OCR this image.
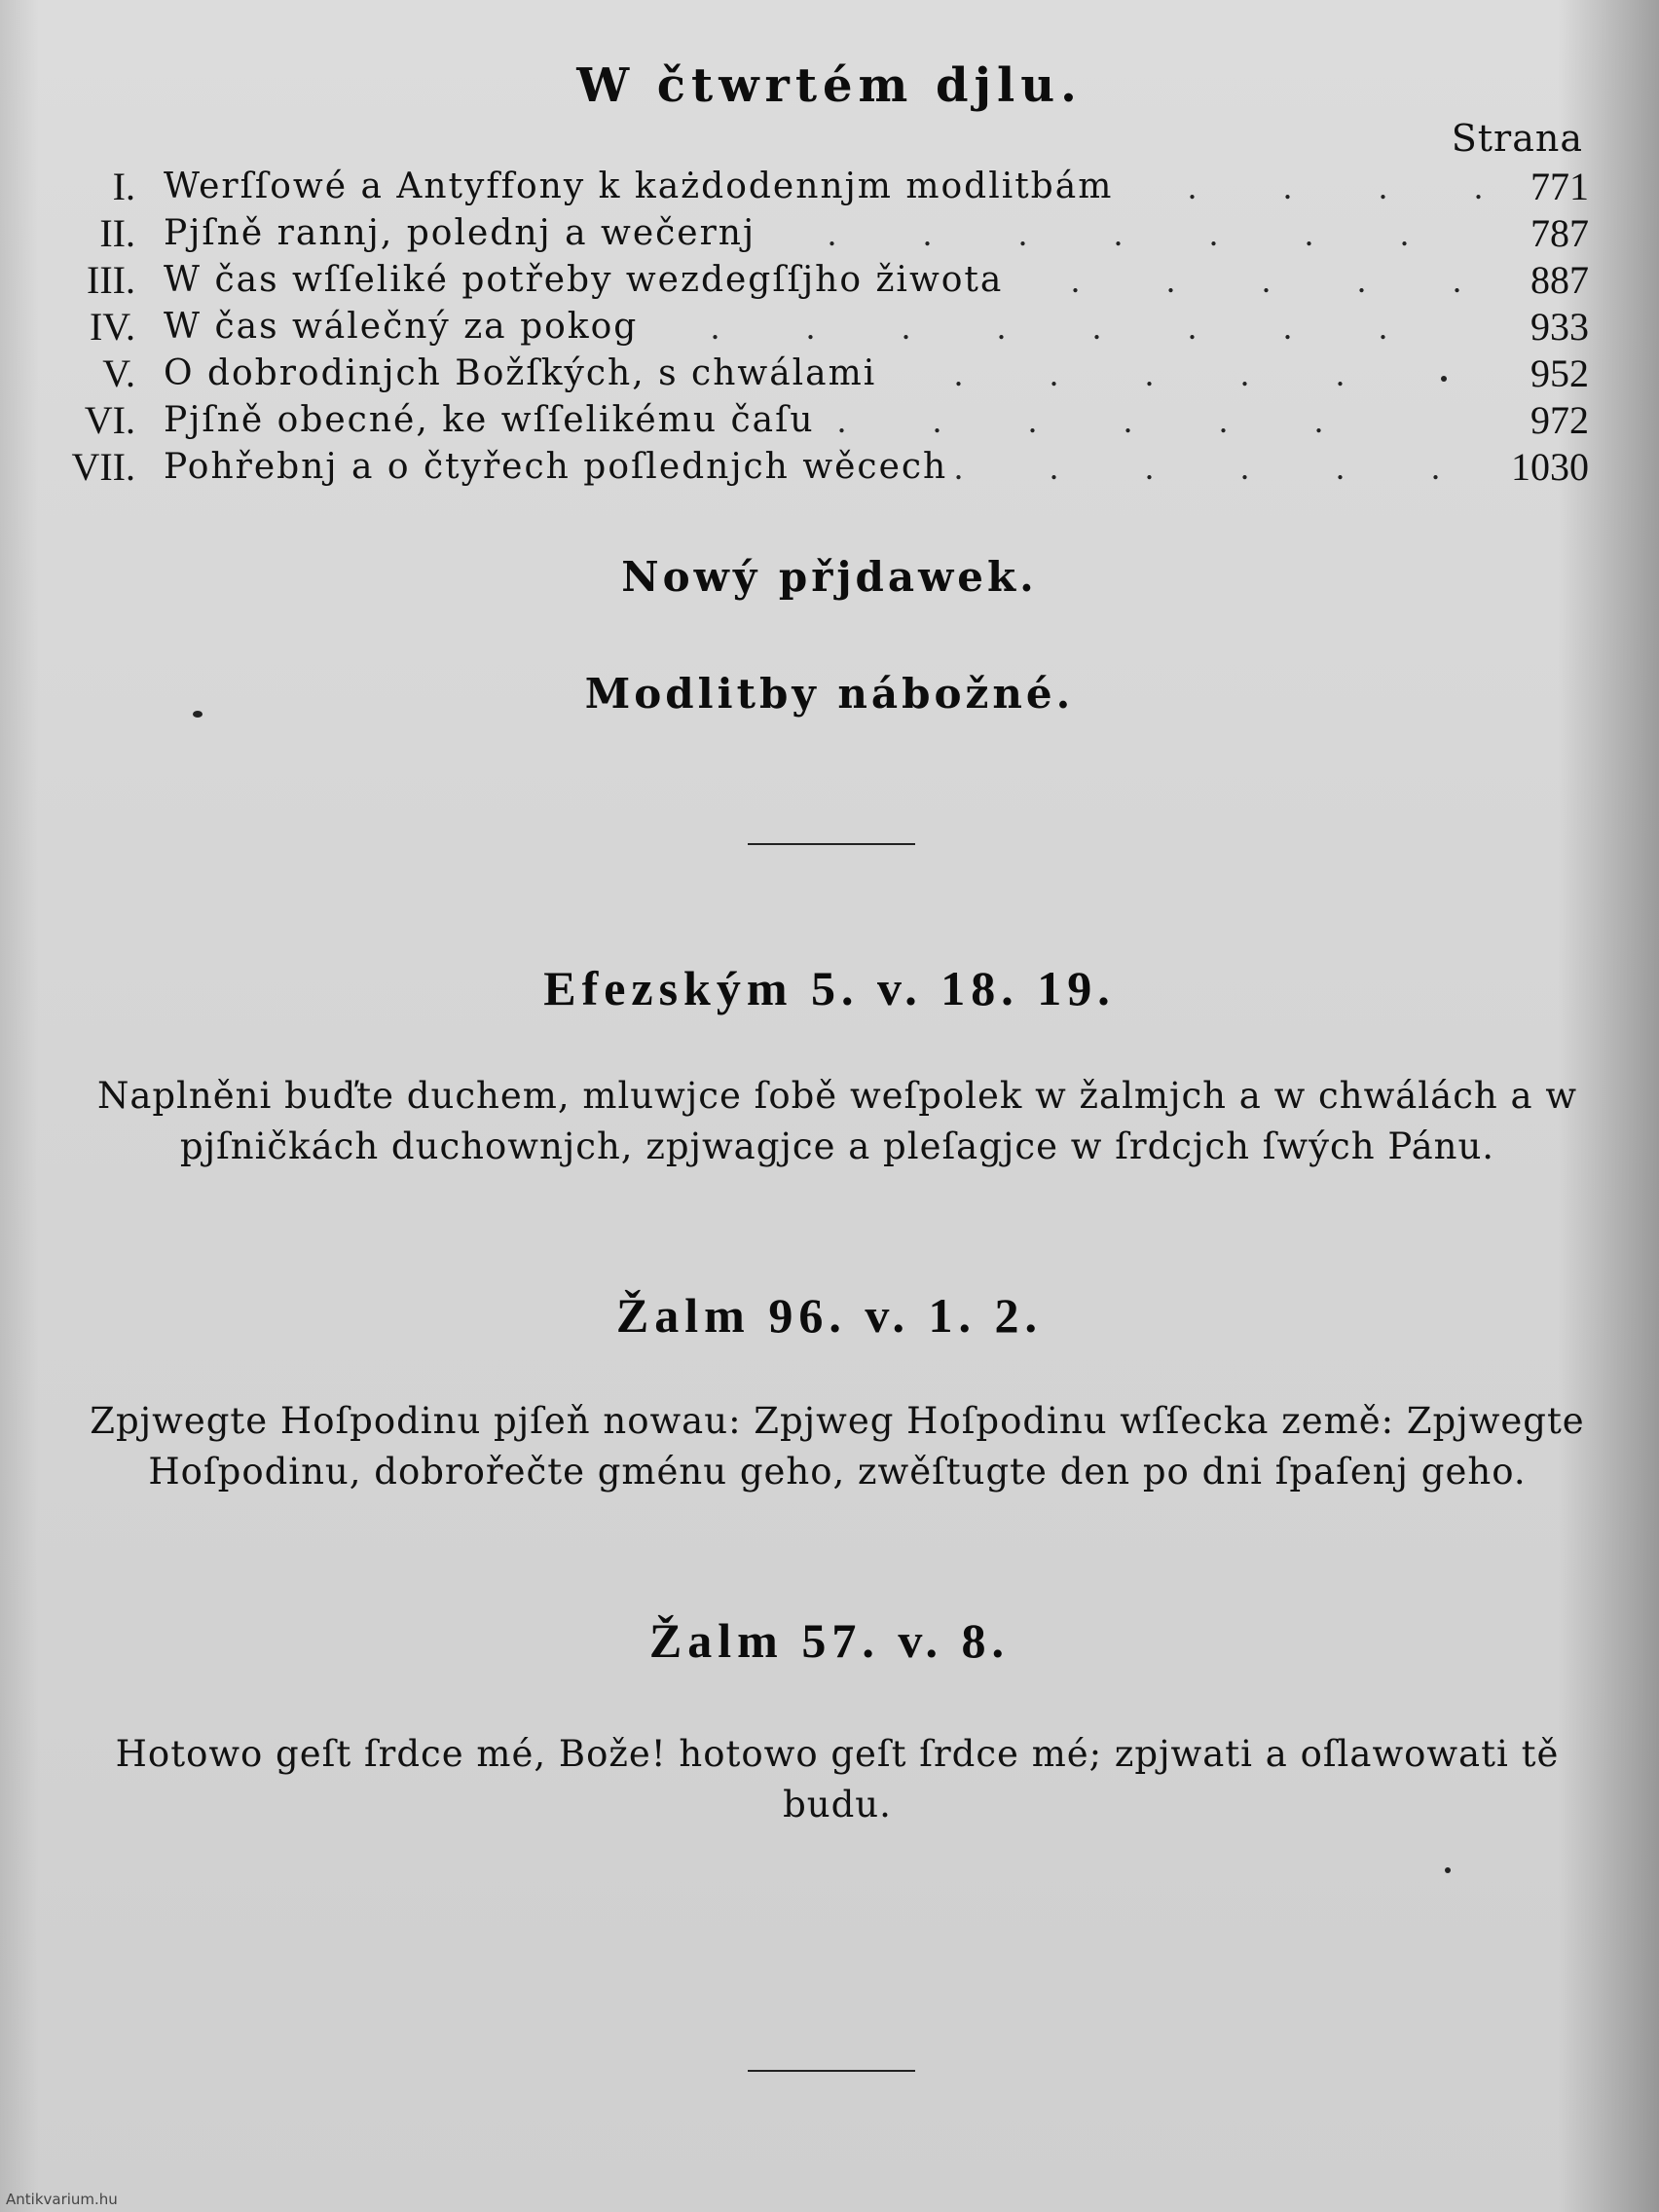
W čtwrtém djlu.
Strana
I. Werſſowé a Antyffony k każdodennjm modlitbám . . . . 771
II. Pjſně rannj, polednj a wečernj . . . . . . .	787
III. W čas wſſeliké potřeby wezdegſſjho žiwota . . . . . 887
IV. W čas wálečný za pokog . . . . . . . .	933
V. O dobrodinjch Božſkých, s chwálami . . . . .	952
VI. Pjſně obecné, ke wſſelikému čaſu . . . . . .	972
VII. Pohřebnj a o čtyřech poſlednjch wěcech . . . . . . 1030
Nowý přjdawek.
Modlitby nábožné.
Efezským 5. v. 18. 19.
Naplněni buďte duchem, mluwjce ſobě weſpolek w žalmjch a w chwálách a w pjſničkách duchownjch, zpjwagjce a pleſagjce w ſrdcjch ſwých Pánu.
Žalm 96. v. 1. 2.
Zpjwegte Hoſpodinu pjſeň nowau: Zpjweg Hoſpodinu wſſecka země: Zpjwegte Hoſpodinu, dobrořečte gménu geho, zwěſtugte den po dni ſpaſenj geho.
Žalm 57. v. 8.
Hotowo geſt ſrdce mé, Bože! hotowo geſt ſrdce mé; zpjwati a oſlawowati tě budu.
Antikvarium.hu
